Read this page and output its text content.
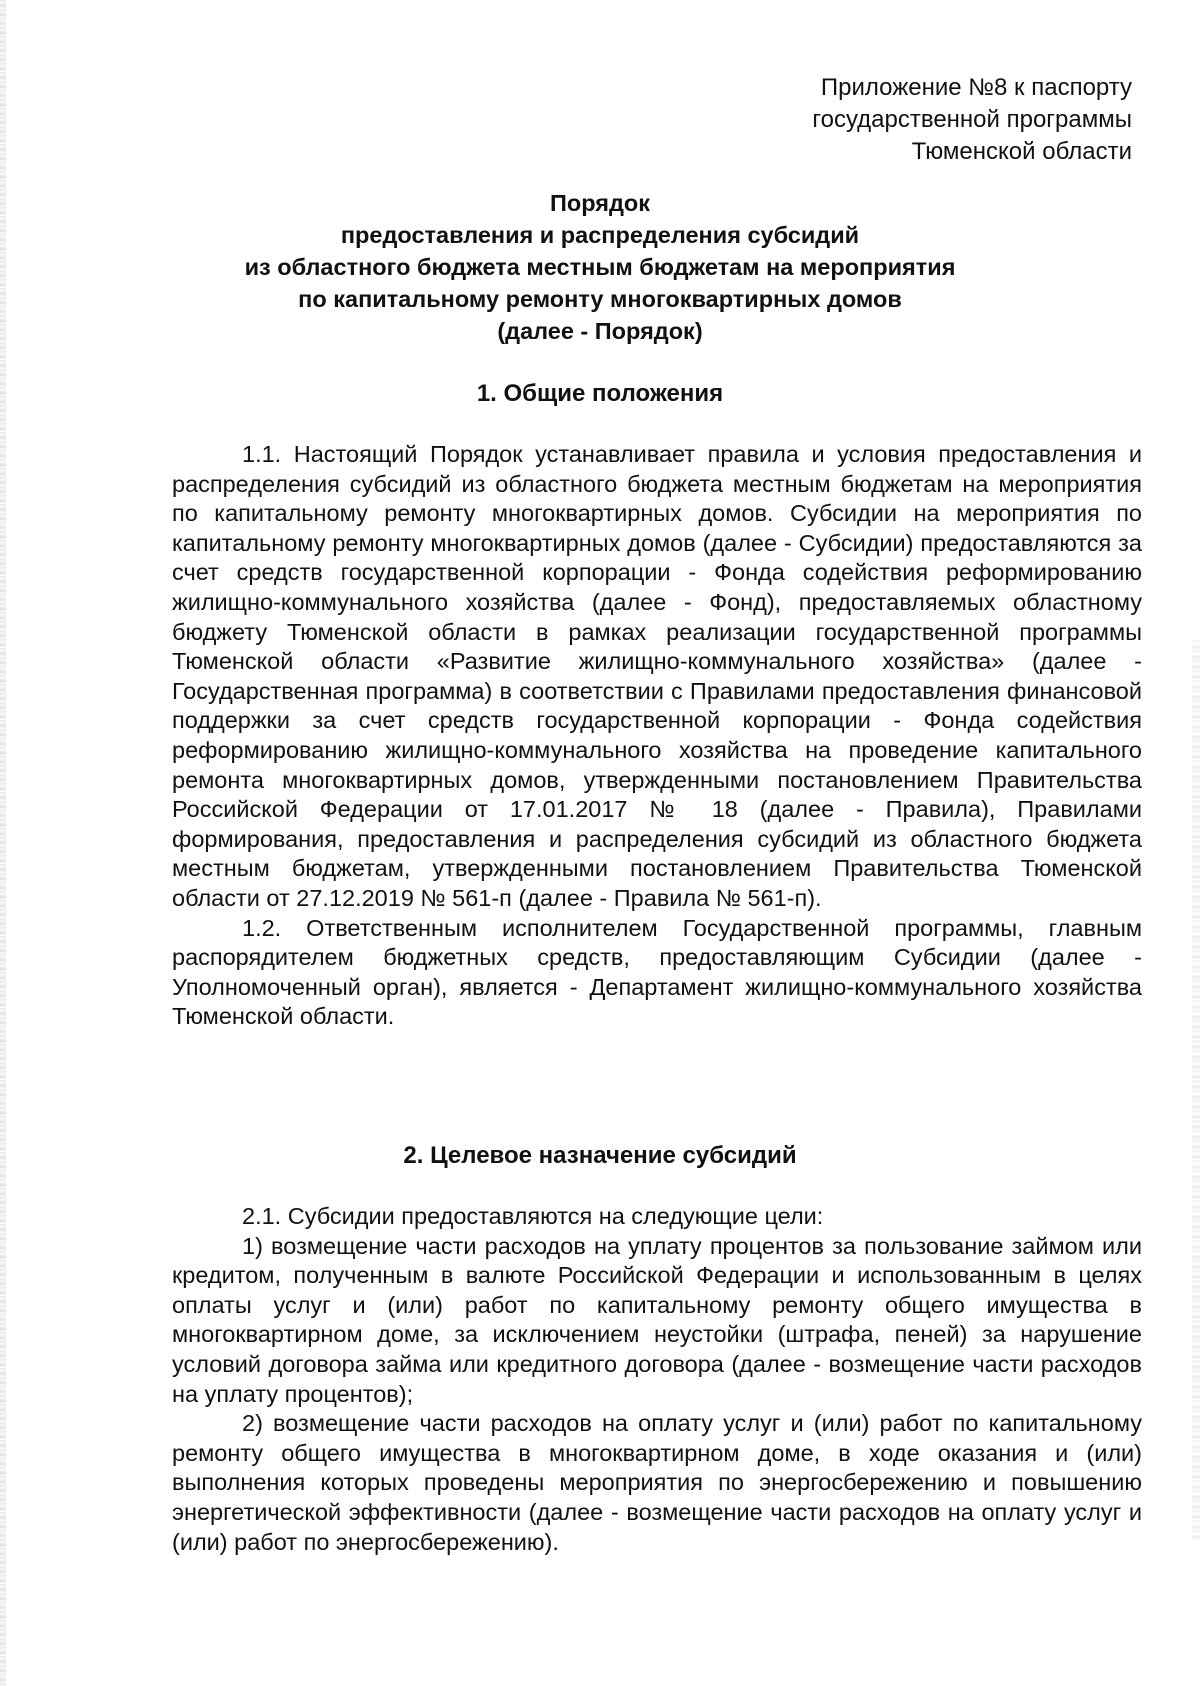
Приложение №8 к паспорту
государственной программы
Тюменской области
Порядок
предоставления и распределения субсидий
из областного бюджета местным бюджетам на мероприятия
по капитальному ремонту многоквартирных домов
(далее - Порядок)
1. Общие положения

1.1. Настоящий Порядок устанавливает правила и условия предоставления и распределения субсидий из областного бюджета местным бюджетам на мероприятия по капитальному ремонту многоквартирных домов. Субсидии на мероприятия по капитальному ремонту многоквартирных домов (далее - Субсидии) предоставляются за счет средств государственной корпорации - Фонда содействия реформированию жилищно-коммунального хозяйства (далее - Фонд), предоставляемых областному бюджету Тюменской области в рамках реализации государственной программы Тюменской области «Развитие жилищно-коммунального хозяйства» (далее - Государственная программа) в соответствии с Правилами предоставления финансовой поддержки за счет средств государственной корпорации - Фонда содействия реформированию жилищно-коммунального хозяйства на проведение капитального ремонта многоквартирных домов, утвержденными постановлением Правительства Российской Федерации от 17.01.2017 № 18 (далее - Правила), Правилами формирования, предоставления и распределения субсидий из областного бюджета местным бюджетам, утвержденными постановлением Правительства Тюменской области от 27.12.2019 № 561-п (далее - Правила № 561-п).

1.2. Ответственным исполнителем Государственной программы, главным распорядителем бюджетных средств, предоставляющим Субсидии (далее - Уполномоченный орган), является - Департамент жилищно-коммунального хозяйства Тюменской области.

2. Целевое назначение субсидий

2.1. Субсидии предоставляются на следующие цели:

1) возмещение части расходов на уплату процентов за пользование займом или кредитом, полученным в валюте Российской Федерации и использованным в целях оплаты услуг и (или) работ по капитальному ремонту общего имущества в многоквартирном доме, за исключением неустойки (штрафа, пеней) за нарушение условий договора займа или кредитного договора (далее - возмещение части расходов на уплату процентов);

2) возмещение части расходов на оплату услуг и (или) работ по капитальному ремонту общего имущества в многоквартирном доме, в ходе оказания и (или) выполнения которых проведены мероприятия по энергосбережению и повышению энергетической эффективности (далее - возмещение части расходов на оплату услуг и (или) работ по энергосбережению).
